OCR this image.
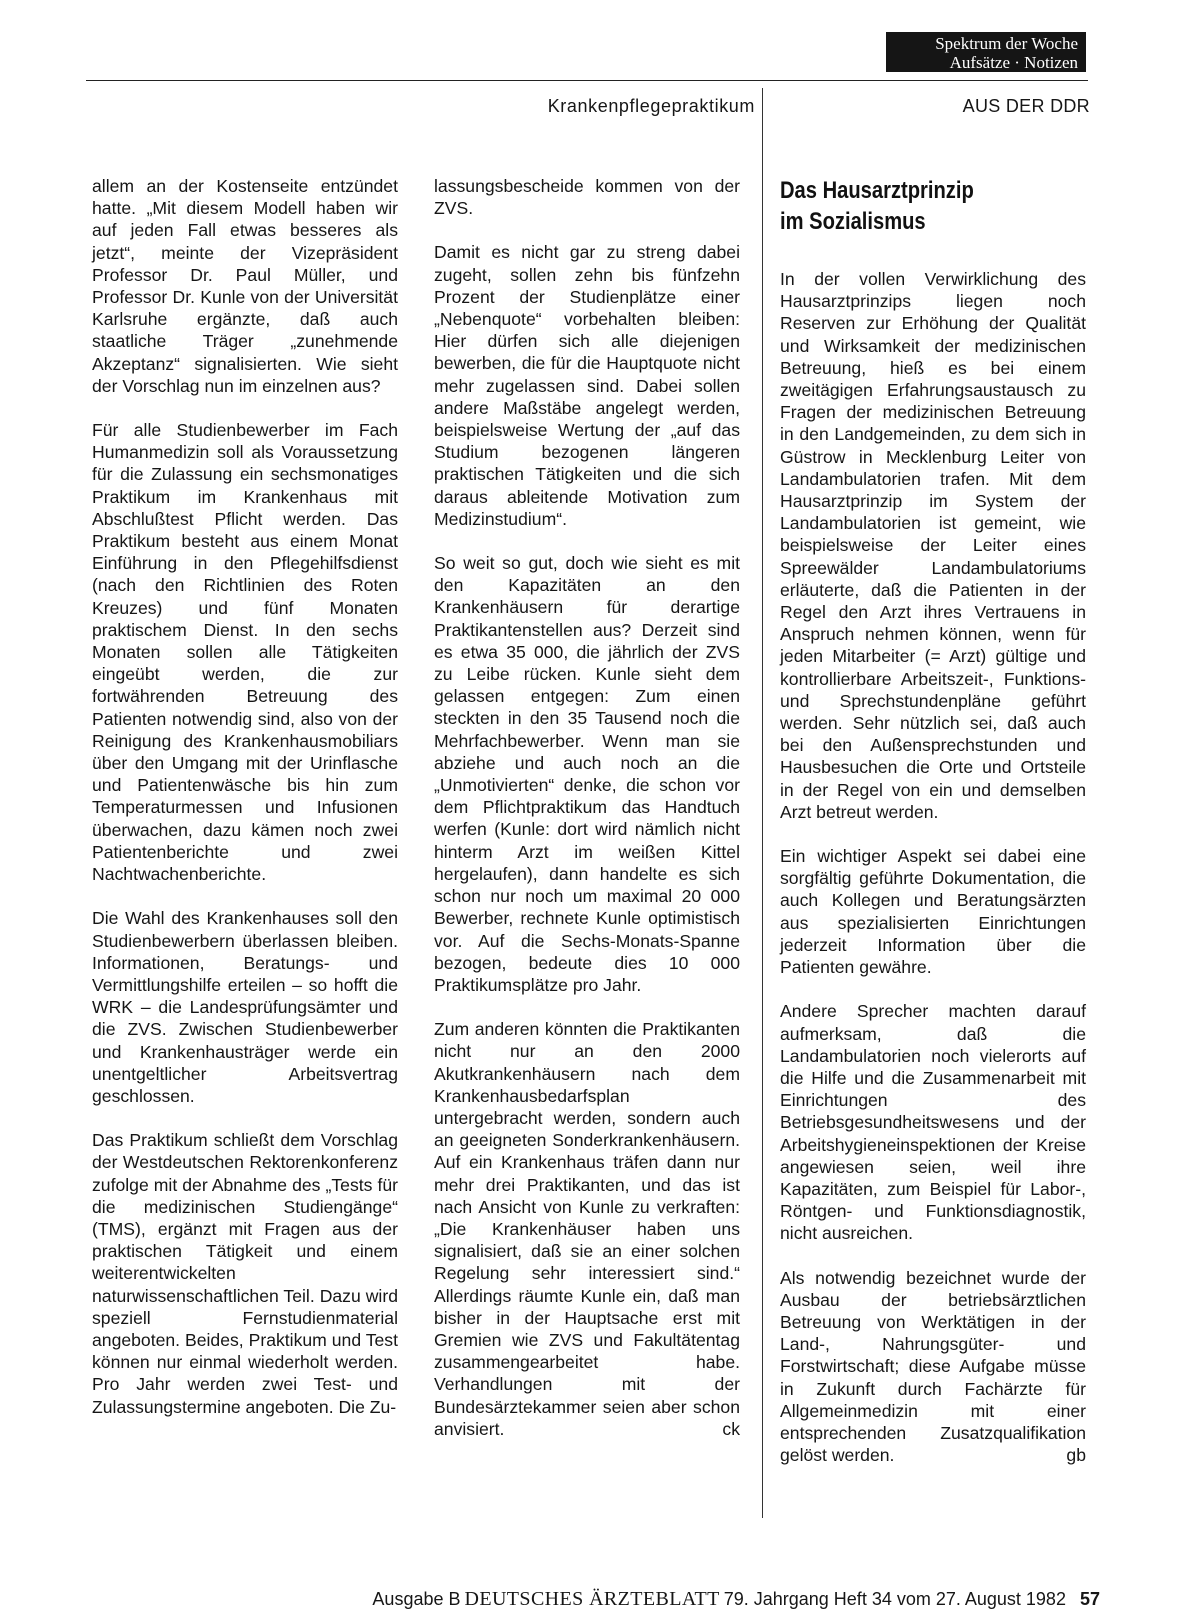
Spektrum der Woche
Aufsätze · Notizen
Krankenpflegepraktikum	AUS DER DDR

allem an der Kostenseite entzündet hatte. „Mit diesem Modell haben wir auf jeden Fall etwas besseres als jetzt“, meinte der Vizepräsident Professor Dr. Paul Müller, und Professor Dr. Kunle von der Universität Karlsruhe ergänzte, daß auch staatliche Träger „zunehmende Akzeptanz“ signalisierten. Wie sieht der Vorschlag nun im einzelnen aus?

Für alle Studienbewerber im Fach Humanmedizin soll als Voraussetzung für die Zulassung ein sechsmonatiges Praktikum im Krankenhaus mit Abschlußtest Pflicht werden. Das Praktikum besteht aus einem Monat Einführung in den Pflegehilfsdienst (nach den Richtlinien des Roten Kreuzes) und fünf Monaten praktischem Dienst. In den sechs Monaten sollen alle Tätigkeiten eingeübt werden, die zur fortwährenden Betreuung des Patienten notwendig sind, also von der Reinigung des Krankenhausmobiliars über den Umgang mit der Urinflasche und Patientenwäsche bis hin zum Temperaturmessen und Infusionen überwachen, dazu kämen noch zwei Patientenberichte und zwei Nachtwachenberichte.

Die Wahl des Krankenhauses soll den Studienbewerbern überlassen bleiben. Informationen, Beratungs- und Vermittlungshilfe erteilen – so hofft die WRK – die Landesprüfungsämter und die ZVS. Zwischen Studienbewerber und Krankenhausträger werde ein unentgeltlicher Arbeitsvertrag geschlossen.

Das Praktikum schließt dem Vorschlag der Westdeutschen Rektorenkonferenz zufolge mit der Abnahme des „Tests für die medizinischen Studiengänge“ (TMS), ergänzt mit Fragen aus der praktischen Tätigkeit und einem weiterentwickelten naturwissenschaftlichen Teil. Dazu wird speziell Fernstudienmaterial angeboten. Beides, Praktikum und Test können nur einmal wiederholt werden. Pro Jahr werden zwei Test- und Zulassungstermine angeboten. Die Zu-

lassungsbescheide kommen von der ZVS.

Damit es nicht gar zu streng dabei zugeht, sollen zehn bis fünfzehn Prozent der Studienplätze einer „Nebenquote“ vorbehalten bleiben: Hier dürfen sich alle diejenigen bewerben, die für die Hauptquote nicht mehr zugelassen sind. Dabei sollen andere Maßstäbe angelegt werden, beispielsweise Wertung der „auf das Studium bezogenen längeren praktischen Tätigkeiten und die sich daraus ableitende Motivation zum Medizinstudium“.

So weit so gut, doch wie sieht es mit den Kapazitäten an den Krankenhäusern für derartige Praktikantenstellen aus? Derzeit sind es etwa 35 000, die jährlich der ZVS zu Leibe rücken. Kunle sieht dem gelassen entgegen: Zum einen steckten in den 35 Tausend noch die Mehrfachbewerber. Wenn man sie abziehe und auch noch an die „Unmotivierten“ denke, die schon vor dem Pflichtpraktikum das Handtuch werfen (Kunle: dort wird nämlich nicht hinterm Arzt im weißen Kittel hergelaufen), dann handelte es sich schon nur noch um maximal 20 000 Bewerber, rechnete Kunle optimistisch vor. Auf die Sechs-Monats-Spanne bezogen, bedeute dies 10 000 Praktikumsplätze pro Jahr.

Zum anderen könnten die Praktikanten nicht nur an den 2000 Akutkrankenhäusern nach dem Krankenhausbedarfsplan untergebracht werden, sondern auch an geeigneten Sonderkrankenhäusern. Auf ein Krankenhaus träfen dann nur mehr drei Praktikanten, und das ist nach Ansicht von Kunle zu verkraften: „Die Krankenhäuser haben uns signalisiert, daß sie an einer solchen Regelung sehr interessiert sind.“ Allerdings räumte Kunle ein, daß man bisher in der Hauptsache erst mit Gremien wie ZVS und Fakultätentag zusammengearbeitet habe. Verhandlungen mit der Bundesärztekammer seien aber schon anvisiert.	ck
Das Hausarztprinzip
im Sozialismus

In der vollen Verwirklichung des Hausarztprinzips liegen noch Reserven zur Erhöhung der Qualität und Wirksamkeit der medizinischen Betreuung, hieß es bei einem zweitägigen Erfahrungsaustausch zu Fragen der medizinischen Betreuung in den Landgemeinden, zu dem sich in Güstrow in Mecklenburg Leiter von Landambulatorien trafen. Mit dem Hausarztprinzip im System der Landambulatorien ist gemeint, wie beispielsweise der Leiter eines Spreewälder Landambulatoriums erläuterte, daß die Patienten in der Regel den Arzt ihres Vertrauens in Anspruch nehmen können, wenn für jeden Mitarbeiter (= Arzt) gültige und kontrollierbare Arbeitszeit-, Funktions- und Sprechstundenpläne geführt werden. Sehr nützlich sei, daß auch bei den Außensprechstunden und Hausbesuchen die Orte und Ortsteile in der Regel von ein und demselben Arzt betreut werden.

Ein wichtiger Aspekt sei dabei eine sorgfältig geführte Dokumentation, die auch Kollegen und Beratungsärzten aus spezialisierten Einrichtungen jederzeit Information über die Patienten gewähre.

Andere Sprecher machten darauf aufmerksam, daß die Landambulatorien noch vielerorts auf die Hilfe und die Zusammenarbeit mit Einrichtungen des Betriebsgesundheitswesens und der Arbeitshygieneinspektionen der Kreise angewiesen seien, weil ihre Kapazitäten, zum Beispiel für Labor-, Röntgen- und Funktionsdiagnostik, nicht ausreichen.

Als notwendig bezeichnet wurde der Ausbau der betriebsärztlichen Betreuung von Werktätigen in der Land-, Nahrungsgüter- und Forstwirtschaft; diese Aufgabe müsse in Zukunft durch Fachärzte für Allgemeinmedizin mit einer entsprechenden Zusatzqualifikation gelöst werden.	gb
Ausgabe B DEUTSCHES ÄRZTEBLATT 79. Jahrgang Heft 34 vom 27. August 1982 57
